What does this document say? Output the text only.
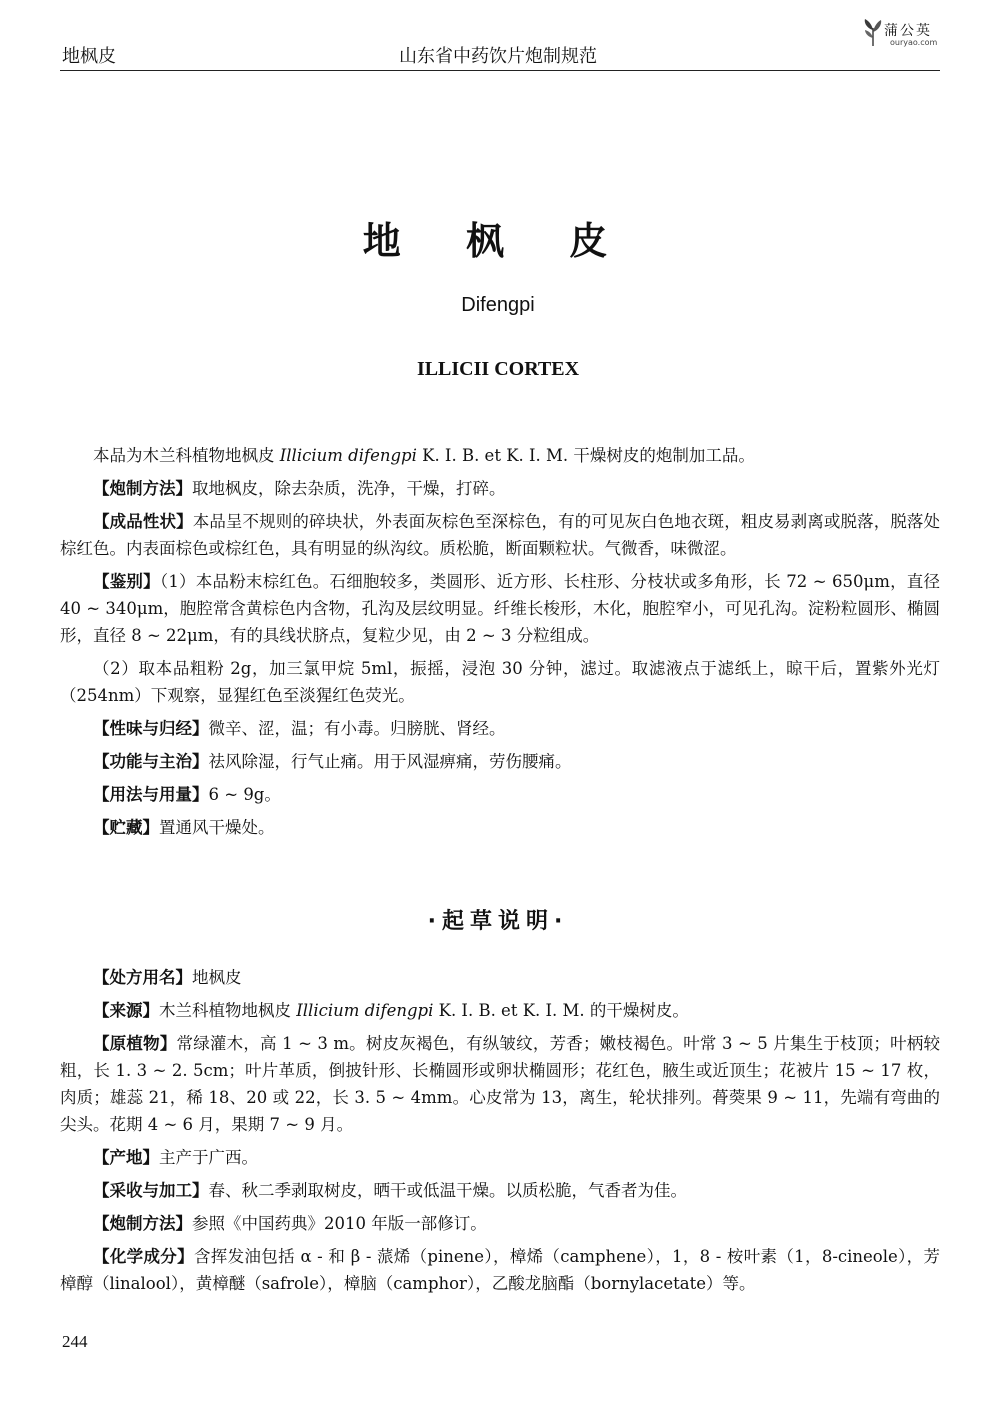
地枫皮	山东省中药饮片炮制规范
蒲公英
ouryao.com
地 枫 皮
Difengpi
ILLICII CORTEX

本品为木兰科植物地枫皮 Illicium difengpi K. I. B. et K. I. M. 干燥树皮的炮制加工品。

【炮制方法】取地枫皮，除去杂质，洗净，干燥，打碎。

【成品性状】本品呈不规则的碎块状，外表面灰棕色至深棕色，有的可见灰白色地衣斑，粗皮易剥离或脱落，脱落处棕红色。内表面棕色或棕红色，具有明显的纵沟纹。质松脆，断面颗粒状。气微香，味微涩。

【鉴别】（1）本品粉末棕红色。石细胞较多，类圆形、近方形、长柱形、分枝状或多角形，长 72 ~ 650μm，直径 40 ~ 340μm，胞腔常含黄棕色内含物，孔沟及层纹明显。纤维长梭形，木化，胞腔窄小，可见孔沟。淀粉粒圆形、椭圆形，直径 8 ~ 22μm，有的具线状脐点，复粒少见，由 2 ~ 3 分粒组成。

（2）取本品粗粉 2g，加三氯甲烷 5ml，振摇，浸泡 30 分钟，滤过。取滤液点于滤纸上，晾干后，置紫外光灯（254nm）下观察，显猩红色至淡猩红色荧光。

【性味与归经】微辛、涩，温；有小毒。归膀胱、肾经。

【功能与主治】祛风除湿，行气止痛。用于风湿痹痛，劳伤腰痛。

【用法与用量】6 ~ 9g。

【贮藏】置通风干燥处。

·起草说明·

【处方用名】地枫皮

【来源】木兰科植物地枫皮 Illicium difengpi K. I. B. et K. I. M. 的干燥树皮。

【原植物】常绿灌木，高 1 ~ 3 m。树皮灰褐色，有纵皱纹，芳香；嫩枝褐色。叶常 3 ~ 5 片集生于枝顶；叶柄较粗，长 1. 3 ~ 2. 5cm；叶片革质，倒披针形、长椭圆形或卵状椭圆形；花红色，腋生或近顶生；花被片 15 ~ 17 枚，肉质；雄蕊 21，稀 18、20 或 22，长 3. 5 ~ 4mm。心皮常为 13，离生，轮状排列。蓇葖果 9 ~ 11，先端有弯曲的尖头。花期 4 ~ 6 月，果期 7 ~ 9 月。

【产地】主产于广西。

【采收与加工】春、秋二季剥取树皮，晒干或低温干燥。以质松脆，气香者为佳。

【炮制方法】参照《中国药典》2010 年版一部修订。

【化学成分】含挥发油包括 α - 和 β - 蒎烯（pinene），樟烯（camphene），1，8 - 桉叶素（1，8-cineole），芳樟醇（linalool），黄樟醚（safrole），樟脑（camphor），乙酸龙脑酯（bornylacetate）等。

244
